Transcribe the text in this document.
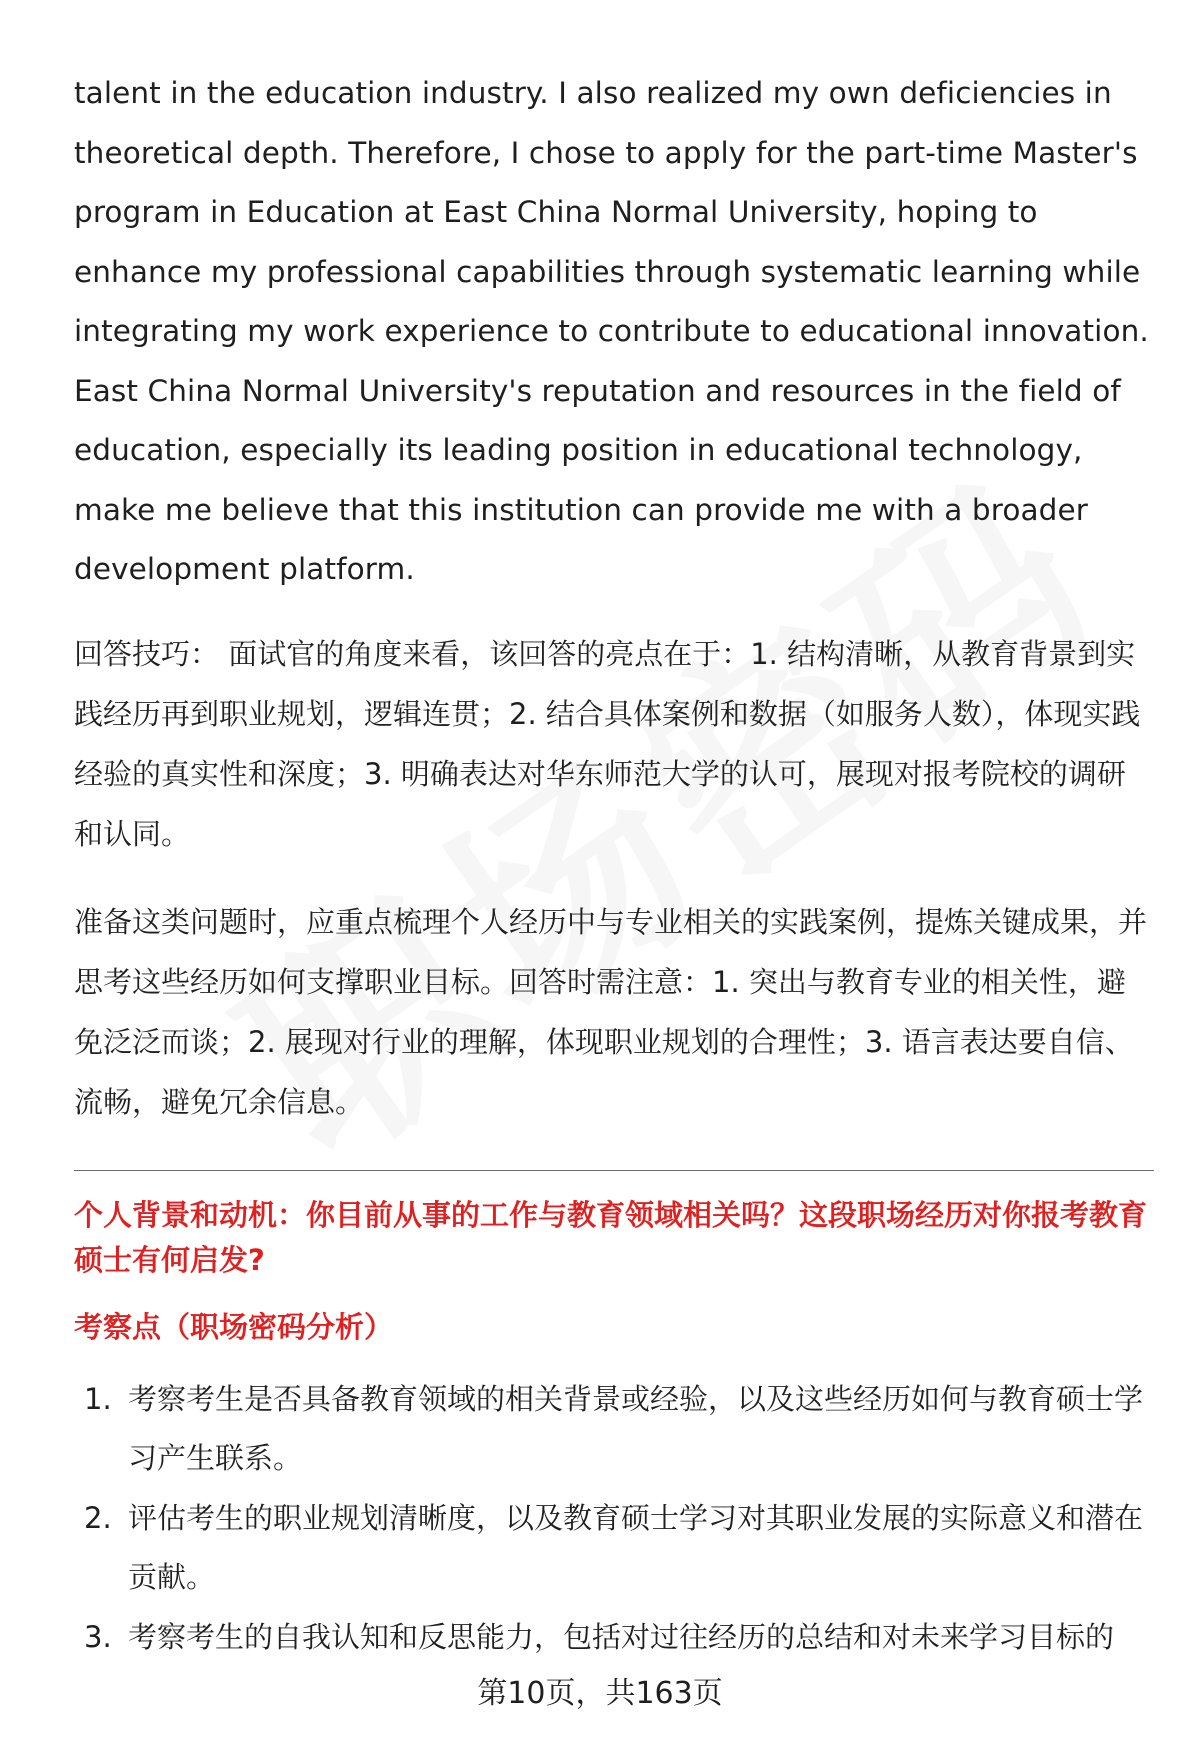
talent in the education industry. I also realized my own deficiencies in theoretical depth. Therefore, I chose to apply for the part-time Master's program in Education at East China Normal University, hoping to enhance my professional capabilities through systematic learning while integrating my work experience to contribute to educational innovation. East China Normal University's reputation and resources in the field of education, especially its leading position in educational technology, make me believe that this institution can provide me with a broader development platform.

回答技巧： 面试官的角度来看，该回答的亮点在于：1. 结构清晰，从教育背景到实践经历再到职业规划，逻辑连贯；2. 结合具体案例和数据（如服务人数），体现实践经验的真实性和深度；3. 明确表达对华东师范大学的认可，展现对报考院校的调研和认同。

准备这类问题时，应重点梳理个人经历中与专业相关的实践案例，提炼关键成果，并思考这些经历如何支撑职业目标。回答时需注意：1. 突出与教育专业的相关性，避免泛泛而谈；2. 展现对行业的理解，体现职业规划的合理性；3. 语言表达要自信、流畅，避免冗余信息。

个人背景和动机：你目前从事的工作与教育领域相关吗？这段职场经历对你报考教育硕士有何启发?
考察点（职场密码分析）
1. 考察考生是否具备教育领域的相关背景或经验，以及这些经历如何与教育硕士学习产生联系。
2. 评估考生的职业规划清晰度，以及教育硕士学习对其职业发展的实际意义和潜在贡献。
3. 考察考生的自我认知和反思能力，包括对过往经历的总结和对未来学习目标的
第10页，共163页
